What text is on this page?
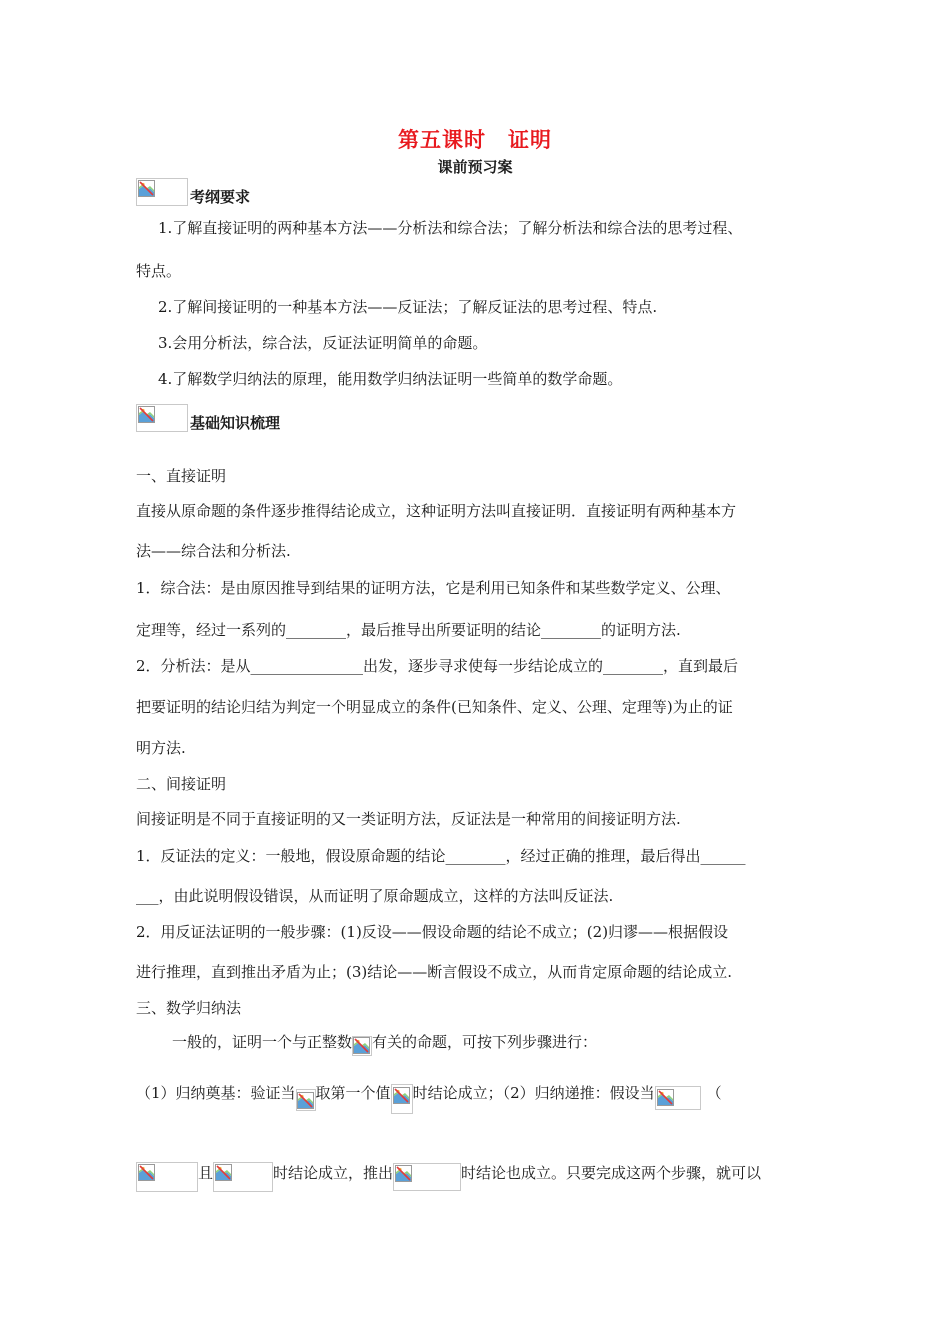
第五课时　证明
课前预习案
考纲要求
1.了解直接证明的两种基本方法——分析法和综合法；了解分析法和综合法的思考过程、
特点。
2.了解间接证明的一种基本方法——反证法；了解反证法的思考过程、特点.
3.会用分析法，综合法，反证法证明简单的命题。
4.了解数学归纳法的原理，能用数学归纳法证明一些简单的数学命题。
基础知识梳理
一、直接证明
直接从原命题的条件逐步推得结论成立，这种证明方法叫直接证明．直接证明有两种基本方
法——综合法和分析法.
1．综合法：是由原因推导到结果的证明方法，它是利用已知条件和某些数学定义、公理、
定理等，经过一系列的________，最后推导出所要证明的结论________的证明方法.
2．分析法：是从_______________出发，逐步寻求使每一步结论成立的________，直到最后
把要证明的结论归结为判定一个明显成立的条件(已知条件、定义、公理、定理等)为止的证
明方法.
二、间接证明
间接证明是不同于直接证明的又一类证明方法，反证法是一种常用的间接证明方法.
1．反证法的定义：一般地，假设原命题的结论________，经过正确的推理，最后得出______
___，由此说明假设错误，从而证明了原命题成立，这样的方法叫反证法.
2．用反证法证明的一般步骤：(1)反设——假设命题的结论不成立；(2)归谬——根据假设
进行推理，直到推出矛盾为止；(3)结论——断言假设不成立，从而肯定原命题的结论成立.
三、数学归纳法
一般的，证明一个与正整数 有关的命题，可按下列步骤进行：
（1）归纳奠基：验证当 取第一个值 时结论成立；（2）归纳递推：假设当	（
且	时结论成立，推出	时结论也成立。只要完成这两个步骤，就可以
